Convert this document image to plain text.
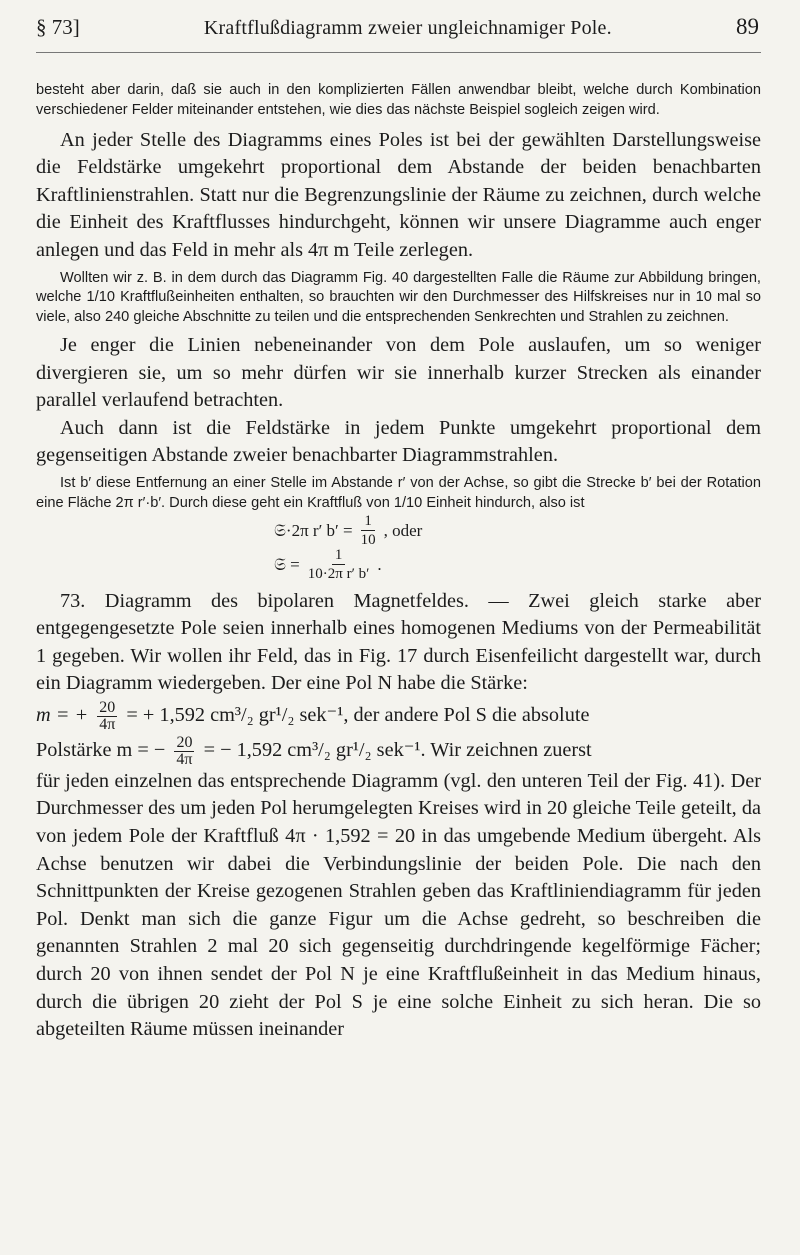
§ 73]	Kraftflußdiagramm zweier ungleichnamiger Pole.	89

besteht aber darin, daß sie auch in den komplizierten Fällen anwendbar bleibt, welche durch Kombination verschiedener Felder miteinander entstehen, wie dies das nächste Beispiel sogleich zeigen wird.

An jeder Stelle des Diagramms eines Poles ist bei der gewählten Darstellungsweise die Feldstärke umgekehrt proportional dem Abstande der beiden benachbarten Kraftlinienstrahlen. Statt nur die Begrenzungslinie der Räume zu zeichnen, durch welche die Einheit des Kraftflusses hindurchgeht, können wir unsere Diagramme auch enger anlegen und das Feld in mehr als 4π m Teile zerlegen.

Wollten wir z. B. in dem durch das Diagramm Fig. 40 dargestellten Falle die Räume zur Abbildung bringen, welche 1/10 Kraftflußeinheiten enthalten, so brauchten wir den Durchmesser des Hilfskreises nur in 10 mal so viele, also 240 gleiche Abschnitte zu teilen und die entsprechenden Senkrechten und Strahlen zu zeichnen.

Je enger die Linien nebeneinander von dem Pole auslaufen, um so weniger divergieren sie, um so mehr dürfen wir sie innerhalb kurzer Strecken als einander parallel verlaufend betrachten.

Auch dann ist die Feldstärke in jedem Punkte umgekehrt proportional dem gegenseitigen Abstande zweier benachbarter Diagrammstrahlen.

Ist b′ diese Entfernung an einer Stelle im Abstande r′ von der Achse, so gibt die Strecke b′ bei der Rotation eine Fläche 2π r′·b′. Durch diese geht ein Kraftfluß von 1/10 Einheit hindurch, also ist

𝔖·2π r′ $b' = \frac{1}{10}$ , oder
𝔖 = $\frac{1}{\text{10·2π r′ b′}}$ .

73. Diagramm des bipolaren Magnetfeldes. — Zwei gleich starke aber entgegengesetzte Pole seien innerhalb eines homogenen Mediums von der Permeabilität 1 gegeben. Wir wollen ihr Feld, das in Fig. 17 durch Eisenfeilicht dargestellt war, durch ein Diagramm wiedergeben. Der eine Pol N habe die Stärke:

m = + $\frac{20}{4\pi}$ = + 1,592 cm³/₂ gr¹/₂ sek⁻¹, der andere Pol S die absolute

Polstärke m = − $\frac{20}{4\pi}$ = − 1,592 cm³/₂ gr¹/₂ sek⁻¹. Wir zeichnen zuerst

für jeden einzelnen das entsprechende Diagramm (vgl. den unteren Teil der Fig. 41). Der Durchmesser des um jeden Pol herumgelegten Kreises wird in 20 gleiche Teile geteilt, da von jedem Pole der Kraftfluß 4π · 1,592 = 20 in das umgebende Medium übergeht. Als Achse benutzen wir dabei die Verbindungslinie der beiden Pole. Die nach den Schnittpunkten der Kreise gezogenen Strahlen geben das Kraftliniendiagramm für jeden Pol. Denkt man sich die ganze Figur um die Achse gedreht, so beschreiben die genannten Strahlen 2 mal 20 sich gegenseitig durchdringende kegelförmige Fächer; durch 20 von ihnen sendet der Pol N je eine Kraftflußeinheit in das Medium hinaus, durch die übrigen 20 zieht der Pol S je eine solche Einheit zu sich heran. Die so abgeteilten Räume müssen ineinander
